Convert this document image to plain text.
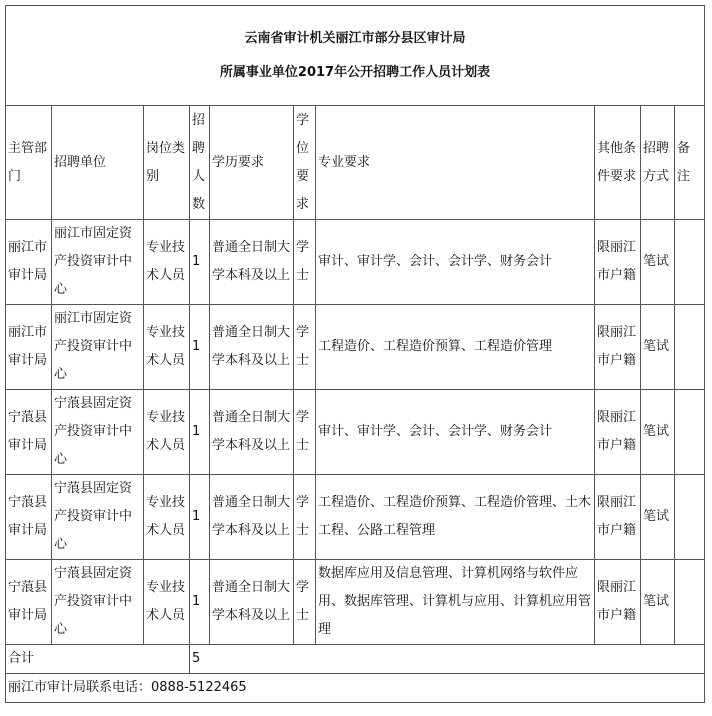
云南省审计机关丽江市部分县区审计局
所属事业单位2017年公开招聘工作人员计划表									

主管部门	招聘单位	岗位类别	招聘人数	学历要求	学位要求	专业要求	其他条件要求	招聘方式	备注
丽江市审计局	丽江市固定资产投资审计中心	专业技术人员	1	普通全日制大学本科及以上	学士	审计、审计学、会计、会计学、财务会计	限丽江市户籍	笔试	
丽江市审计局	丽江市固定资产投资审计中心	专业技术人员	1	普通全日制大学本科及以上	学士	工程造价、工程造价预算、工程造价管理	限丽江市户籍	笔试	
宁蒗县审计局	宁蒗县固定资产投资审计中心	专业技术人员	1	普通全日制大学本科及以上	学士	审计、审计学、会计、会计学、财务会计	限丽江市户籍	笔试	
宁蒗县审计局	宁蒗县固定资产投资审计中心	专业技术人员	1	普通全日制大学本科及以上	学士	工程造价、工程造价预算、工程造价管理、土木工程、公路工程管理	限丽江市户籍	笔试	
宁蒗县审计局	宁蒗县固定资产投资审计中心	专业技术人员	1	普通全日制大学本科及以上	学士	数据库应用及信息管理、计算机网络与软件应用、数据库管理、计算机与应用、计算机应用管理	限丽江市户籍	笔试	
合计			5						
丽江市审计局联系电话：0888-5122465									
